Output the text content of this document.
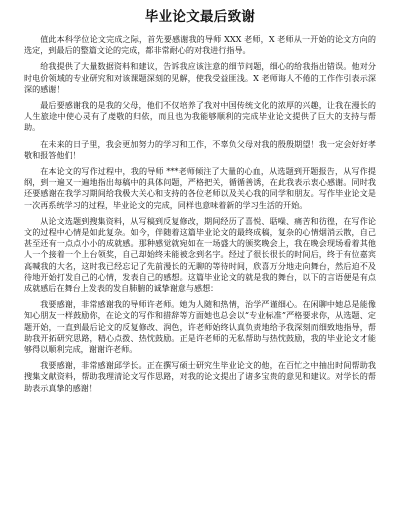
毕业论文最后致谢

值此本科学位论文完成之际，首先要感谢我的导师 XXX 老师，X 老师从一开始的论文方向的选定，到最后的整篇文论的完成，都非常耐心的对我进行指导。

给我提供了大量数据资料和建议，告诉我应该注意的细节问题，细心的给我指出错误。他对分时电价领域的专业研究和对该课题深刻的见解，使我受益匪浅。X 老师诲人不倦的工作作引表示深深的感谢！

最后要感谢我的是我的父母，他们不仅培养了我对中国传统文化的浓厚的兴趣，让我在漫长的人生旅途中使心灵有了虔敬的归依，而且也为我能够顺利的完成毕业论文提供了巨大的支持与帮助。

在未来的日子里，我会更加努力的学习和工作，不辜负父母对我的殷殷期望！我一定会好好孝敬和报答他们！

在本论文的写作过程中，我的导师 ***老师倾注了大量的心血，从选题到开题报告，从写作提纲，到一遍又一遍地指出每稿中的具体问题，严格把关，循循善诱，在此我表示衷心感谢。同时我还要感谢在我学习期间给我极大关心和支持的各位老师以及关心我的同学和朋友。写作毕业论文是一次再系统学习的过程，毕业论文的完成，同样也意味着新的学习生活的开始。

从论文选题到搜集资料，从写稿到反复修改，期间经历了喜悦、聒噪、痛苦和彷徨，在写作论文的过程中心情是如此复杂。如今，伴随着这篇毕业论文的最终成稿，复杂的心情烟消云散，自己甚至还有一点点小小的成就感。那种感觉就宛如在一场盛大的颁奖晚会上，我在晚会现场看着其他人一个接着一个上台领奖，自己却始终未能被念到名字。经过了很长很长的时间后，终于有位嘉宾高喊我的大名，这时我已经忘记了先前漫长的无聊的等待时间，欣喜万分地走向舞台，然后迫不及待地开始打发自己的心情，发表自己的感想。这篇毕业论文的就是我的舞台，以下的言语便是有点成就感后在舞台上发表的发自肺腑的诚挚谢意与感想：

我要感谢，非常感谢我的导师许老师。她为人随和热情，治学严谨细心。在闲聊中她总是能像知心朋友一样鼓励你，在论文的写作和措辞等方面她也总会以“专业标准”严格要求你，从选题、定题开始，一直到最后论文的反复修改、润色，许老师始终认真负责地给予我深刻而细致地指导，帮助我开拓研究思路，精心点拨、热忱鼓励。正是许老师的无私帮助与热忱鼓励，我的毕业论文才能够得以顺利完成，谢谢许老师。

我要感谢，非常感谢邱学长。正在撰写硕士研究生毕业论文的他，在百忙之中抽出时间帮助我搜集文献资料，帮助我理清论文写作思路，对我的论文提出了诸多宝贵的意见和建议。对学长的帮助表示真挚的感谢！
